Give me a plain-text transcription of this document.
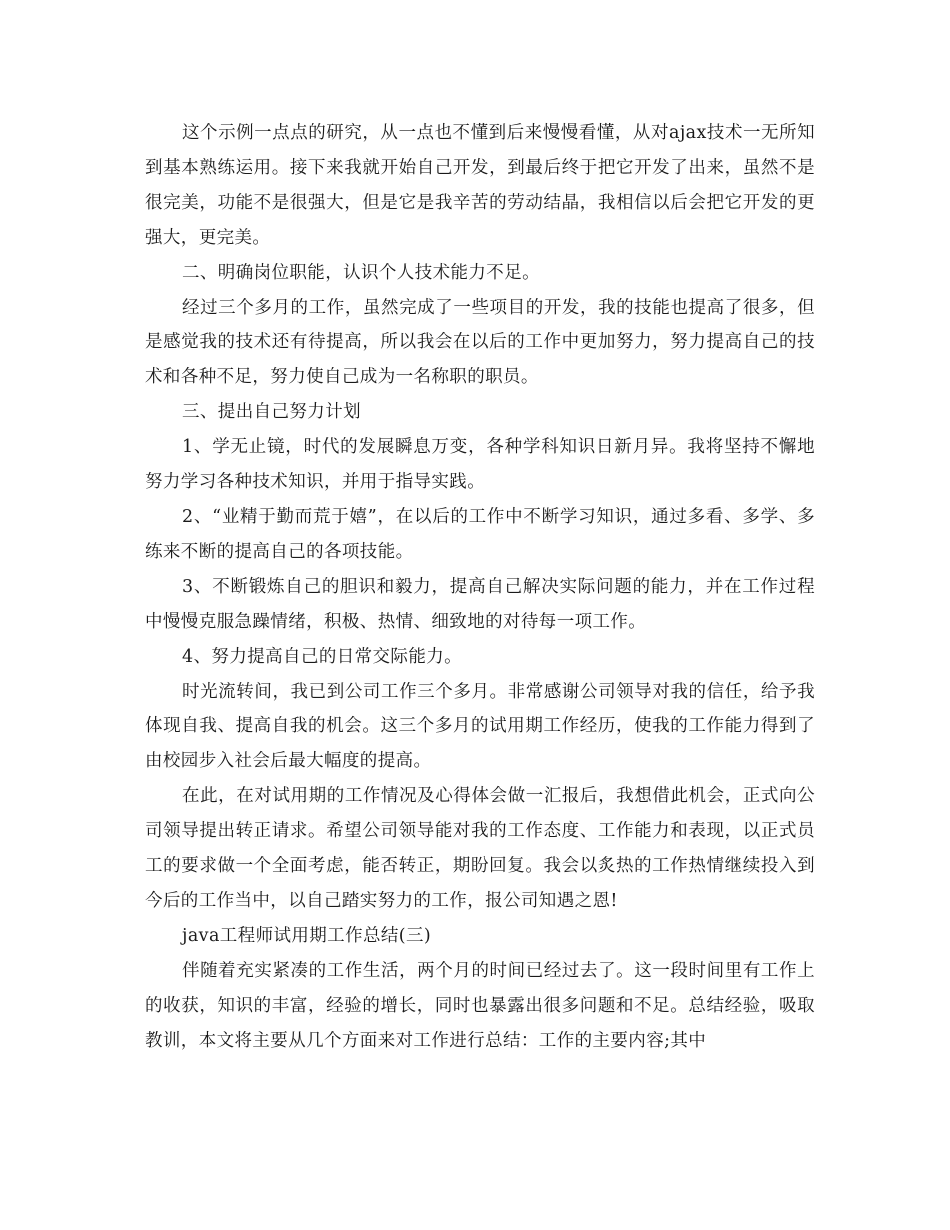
这个示例一点点的研究，从一点也不懂到后来慢慢看懂，从对ajax技术一无所知到基本熟练运用。接下来我就开始自己开发，到最后终于把它开发了出来，虽然不是很完美，功能不是很强大，但是它是我辛苦的劳动结晶，我相信以后会把它开发的更强大，更完美。

二、明确岗位职能，认识个人技术能力不足。

经过三个多月的工作，虽然完成了一些项目的开发，我的技能也提高了很多，但是感觉我的技术还有待提高，所以我会在以后的工作中更加努力，努力提高自己的技术和各种不足，努力使自己成为一名称职的职员。

三、提出自己努力计划

1、学无止镜，时代的发展瞬息万变，各种学科知识日新月异。我将坚持不懈地努力学习各种技术知识，并用于指导实践。

2、“业精于勤而荒于嬉”，在以后的工作中不断学习知识，通过多看、多学、多练来不断的提高自己的各项技能。

3、不断锻炼自己的胆识和毅力，提高自己解决实际问题的能力，并在工作过程中慢慢克服急躁情绪，积极、热情、细致地的对待每一项工作。

4、努力提高自己的日常交际能力。

时光流转间，我已到公司工作三个多月。非常感谢公司领导对我的信任，给予我体现自我、提高自我的机会。这三个多月的试用期工作经历，使我的工作能力得到了由校园步入社会后最大幅度的提高。

在此，在对试用期的工作情况及心得体会做一汇报后，我想借此机会，正式向公司领导提出转正请求。希望公司领导能对我的工作态度、工作能力和表现，以正式员工的要求做一个全面考虑，能否转正，期盼回复。我会以炙热的工作热情继续投入到今后的工作当中，以自己踏实努力的工作，报公司知遇之恩!

java工程师试用期工作总结(三)

伴随着充实紧凑的工作生活，两个月的时间已经过去了。这一段时间里有工作上的收获，知识的丰富，经验的增长，同时也暴露出很多问题和不足。总结经验，吸取教训，本文将主要从几个方面来对工作进行总结：工作的主要内容;其中
